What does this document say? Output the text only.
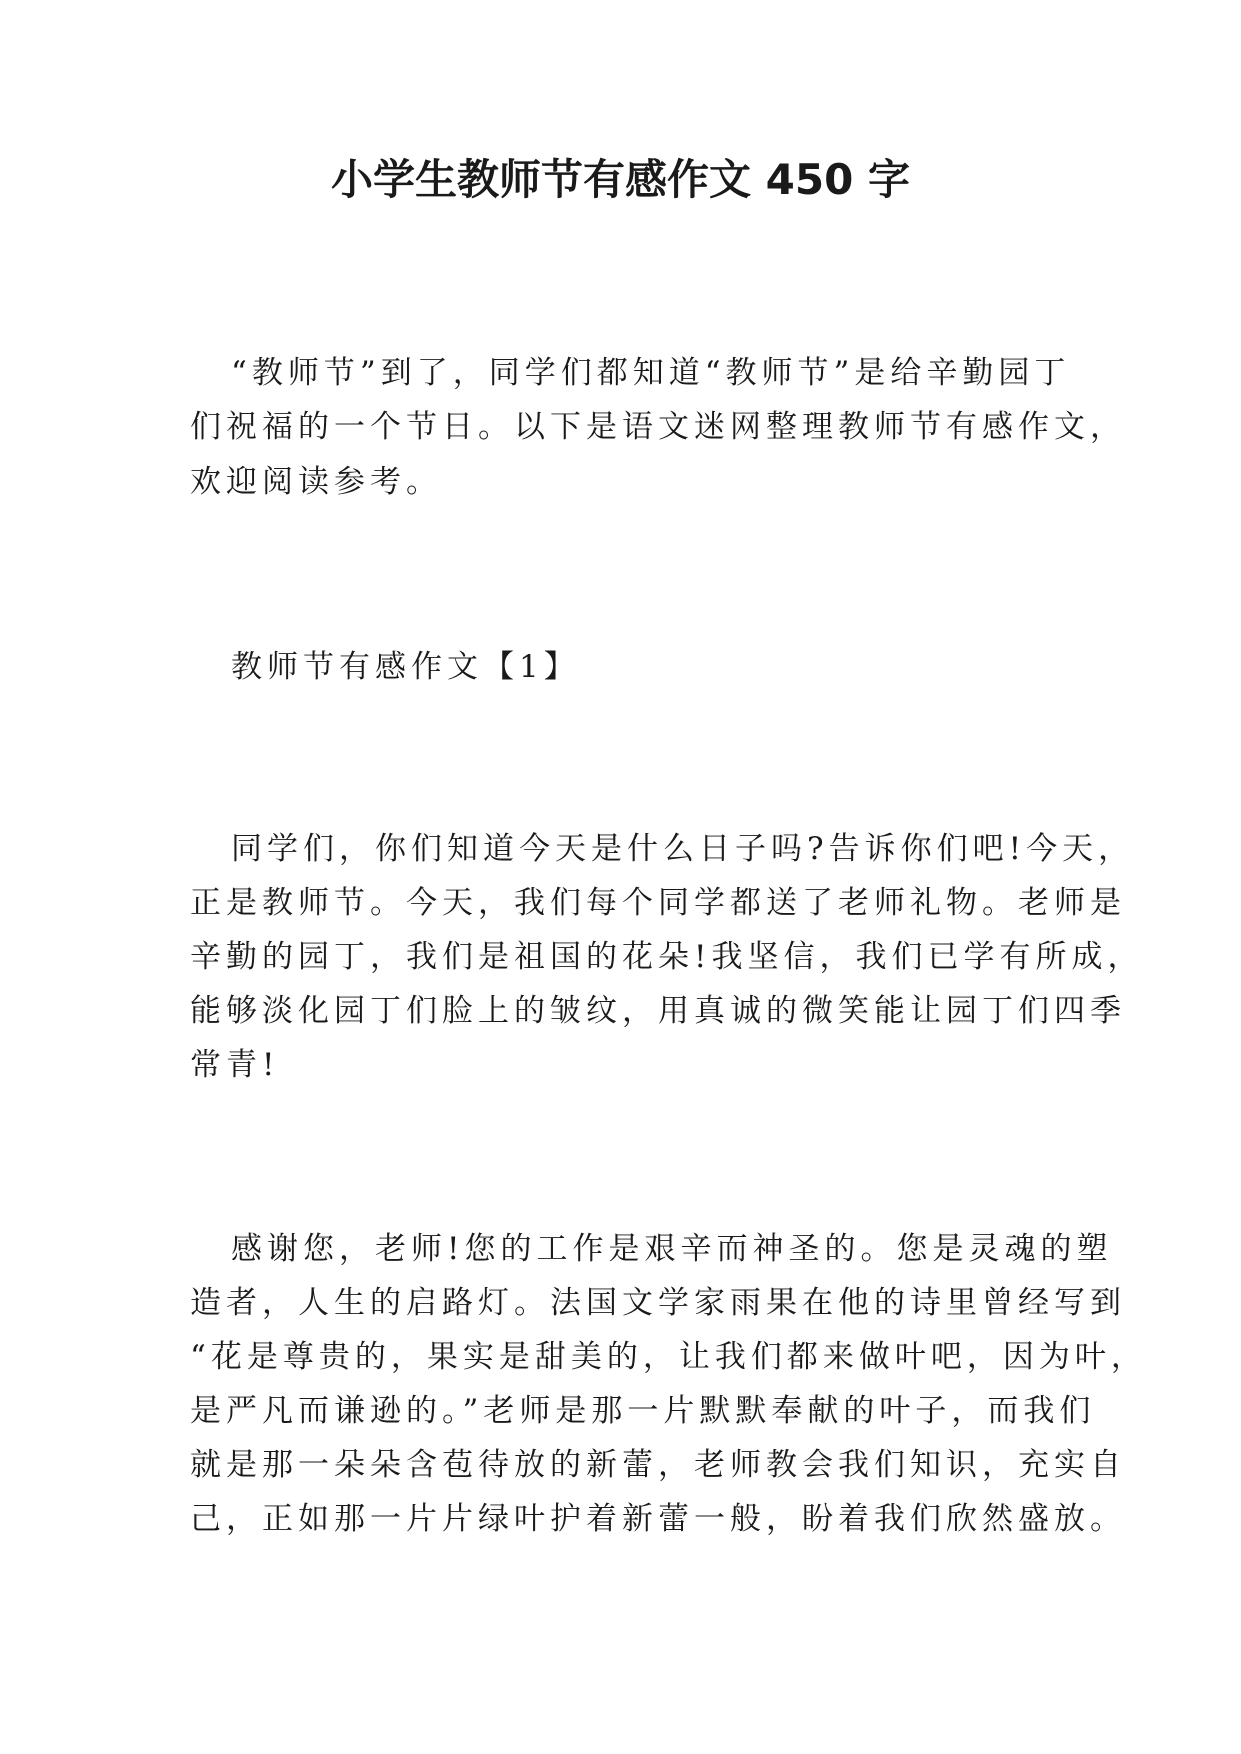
小学生教师节有感作文 450 字

“教师节”到了，同学们都知道“教师节”是给辛勤园丁

们祝福的一个节日。以下是语文迷网整理教师节有感作文，

欢迎阅读参考。

教师节有感作文【1】

同学们，你们知道今天是什么日子吗?告诉你们吧!今天，

正是教师节。今天，我们每个同学都送了老师礼物。老师是

辛勤的园丁，我们是祖国的花朵!我坚信，我们已学有所成，

能够淡化园丁们脸上的皱纹，用真诚的微笑能让园丁们四季

常青!

感谢您，老师!您的工作是艰辛而神圣的。您是灵魂的塑

造者，人生的启路灯。法国文学家雨果在他的诗里曾经写到

“花是尊贵的，果实是甜美的，让我们都来做叶吧，因为叶，

是严凡而谦逊的。”老师是那一片默默奉献的叶子，而我们

就是那一朵朵含苞待放的新蕾，老师教会我们知识，充实自

己，正如那一片片绿叶护着新蕾一般，盼着我们欣然盛放。
